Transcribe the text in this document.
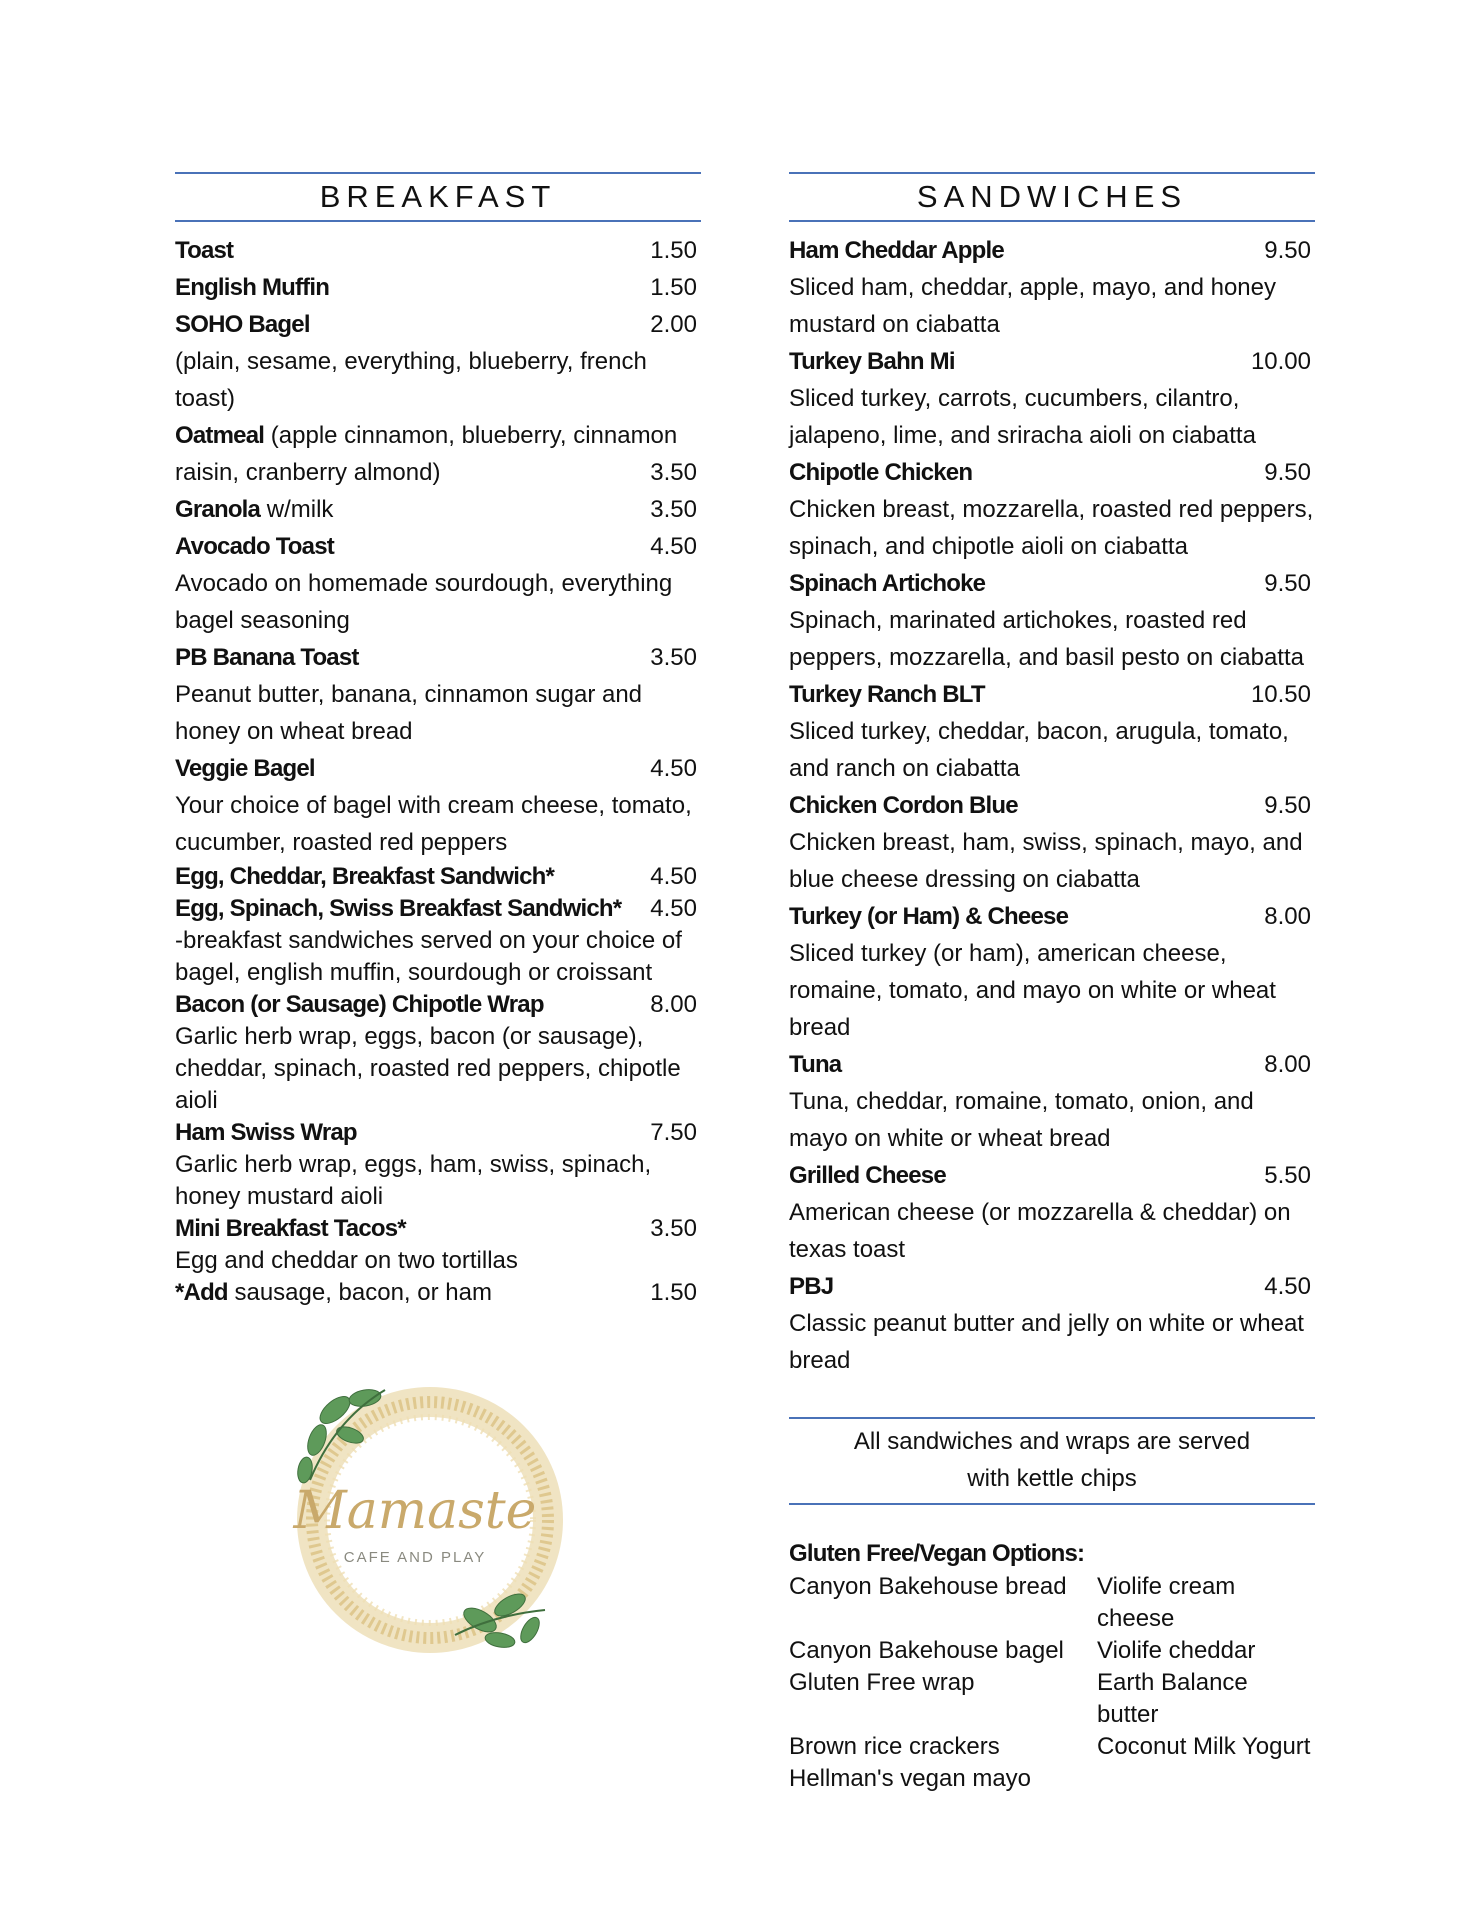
BREAKFAST
Toast	1.50
English Muffin	1.50
SOHO Bagel	2.00
(plain, sesame, everything, blueberry, french toast)
Oatmeal (apple cinnamon, blueberry, cinnamon
raisin, cranberry almond)	3.50
Granola w/milk	3.50
Avocado Toast	4.50
Avocado on homemade sourdough, everything bagel seasoning
PB Banana Toast	3.50
Peanut butter, banana, cinnamon sugar and honey on wheat bread
Veggie Bagel	4.50
Your choice of bagel with cream cheese, tomato, cucumber, roasted red peppers
Egg, Cheddar, Breakfast Sandwich*	4.50
Egg, Spinach, Swiss Breakfast Sandwich* 4.50
-breakfast sandwiches served on your choice of bagel, english muffin, sourdough or croissant
Bacon (or Sausage) Chipotle Wrap	8.00
Garlic herb wrap, eggs, bacon (or sausage), cheddar, spinach, roasted red peppers, chipotle aioli
Ham Swiss Wrap	7.50
Garlic herb wrap, eggs, ham, swiss, spinach, honey mustard aioli
Mini Breakfast Tacos*	3.50
Egg and cheddar on two tortillas
*Add sausage, bacon, or ham	1.50
Mamaste
CAFE AND PLAY
SANDWICHES
Ham Cheddar Apple	9.50
Sliced ham, cheddar, apple, mayo, and honey mustard on ciabatta
Turkey Bahn Mi	10.00
Sliced turkey, carrots, cucumbers, cilantro, jalapeno, lime, and sriracha aioli on ciabatta
Chipotle Chicken	9.50
Chicken breast, mozzarella, roasted red peppers, spinach, and chipotle aioli on ciabatta
Spinach Artichoke	9.50
Spinach, marinated artichokes, roasted red peppers, mozzarella, and basil pesto on ciabatta
Turkey Ranch BLT	10.50
Sliced turkey, cheddar, bacon, arugula, tomato, and ranch on ciabatta
Chicken Cordon Blue	9.50
Chicken breast, ham, swiss, spinach, mayo, and blue cheese dressing on ciabatta
Turkey (or Ham) & Cheese	8.00
Sliced turkey (or ham), american cheese, romaine, tomato, and mayo on white or wheat bread
Tuna	8.00
Tuna, cheddar, romaine, tomato, onion, and mayo on white or wheat bread
Grilled Cheese	5.50
American cheese (or mozzarella & cheddar) on texas toast
PBJ	4.50
Classic peanut butter and jelly on white or wheat bread
All sandwiches and wraps are served
with kettle chips
Gluten Free/Vegan Options:
Canyon Bakehouse bread	Violife cream cheese
Canyon Bakehouse bagel	Violife cheddar
Gluten Free wrap	Earth Balance butter
Brown rice crackers	Coconut Milk Yogurt
Hellman's vegan mayo
